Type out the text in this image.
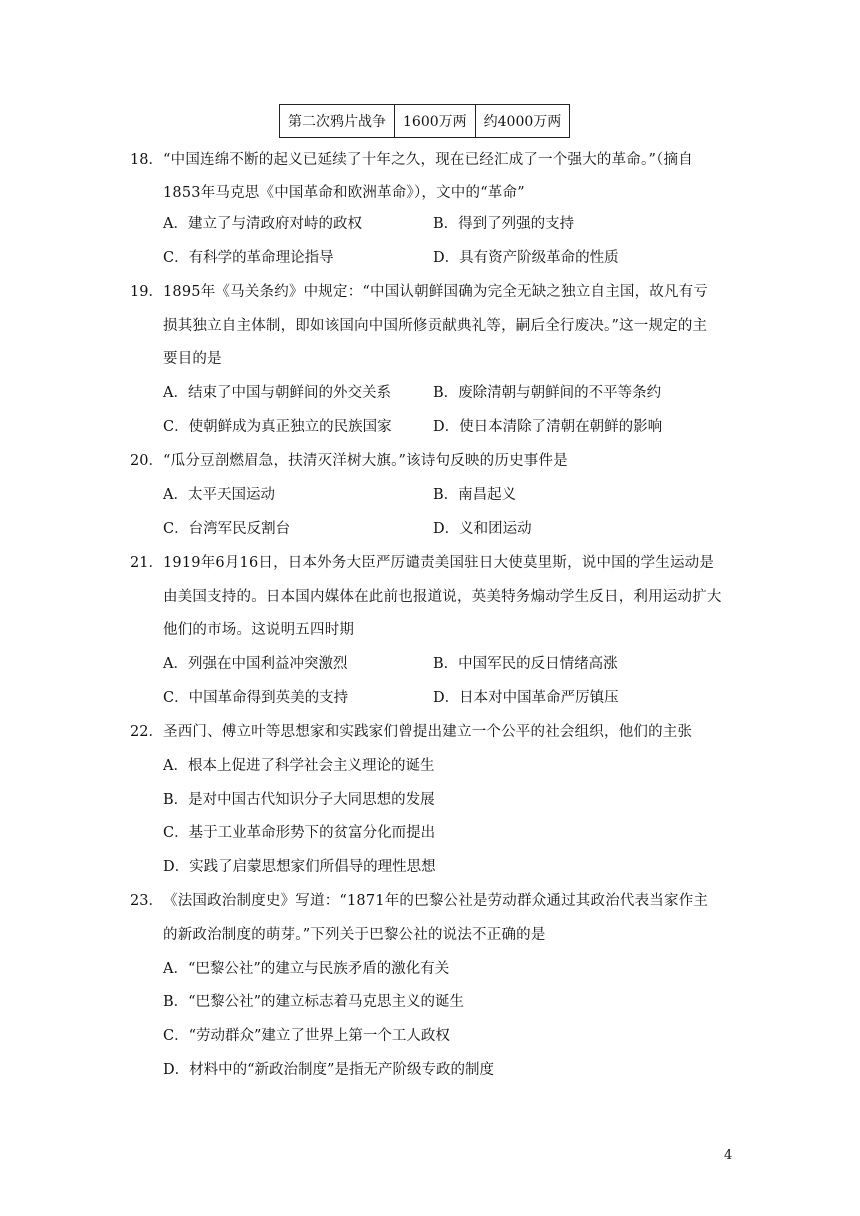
第二次鸦片战争	1600万两	约4000万两
18． “中国连绵不断的起义已延续了十年之久，现在已经汇成了一个强大的革命。”（摘自
1853年马克思《中国革命和欧洲革命》），文中的“革命”
A．建立了与清政府对峙的政权	B．得到了列强的支持
C．有科学的革命理论指导	D．具有资产阶级革命的性质
19． 1895年《马关条约》中规定：“中国认朝鲜国确为完全无缺之独立自主国，故凡有亏
损其独立自主体制，即如该国向中国所修贡献典礼等，嗣后全行废决。”这一规定的主
要目的是
A．结束了中国与朝鲜间的外交关系	B．废除清朝与朝鲜间的不平等条约
C．使朝鲜成为真正独立的民族国家	D．使日本清除了清朝在朝鲜的影响
20． “瓜分豆剖燃眉急，扶清灭洋树大旗。”该诗句反映的历史事件是
A．太平天国运动	B．南昌起义
C．台湾军民反割台	D．义和团运动
21． 1919年6月16日，日本外务大臣严厉谴责美国驻日大使莫里斯，说中国的学生运动是
由美国支持的。日本国内媒体在此前也报道说，英美特务煽动学生反日，利用运动扩大
他们的市场。这说明五四时期
A．列强在中国利益冲突激烈	B．中国军民的反日情绪高涨
C．中国革命得到英美的支持	D．日本对中国革命严厉镇压
22． 圣西门、傅立叶等思想家和实践家们曾提出建立一个公平的社会组织，他们的主张
A．根本上促进了科学社会主义理论的诞生
B．是对中国古代知识分子大同思想的发展
C．基于工业革命形势下的贫富分化而提出
D．实践了启蒙思想家们所倡导的理性思想
23． 《法国政治制度史》写道：“1871年的巴黎公社是劳动群众通过其政治代表当家作主
的新政治制度的萌芽。”下列关于巴黎公社的说法不正确的是
A．“巴黎公社”的建立与民族矛盾的激化有关
B．“巴黎公社”的建立标志着马克思主义的诞生
C．“劳动群众”建立了世界上第一个工人政权
D．材料中的“新政治制度”是指无产阶级专政的制度
4
